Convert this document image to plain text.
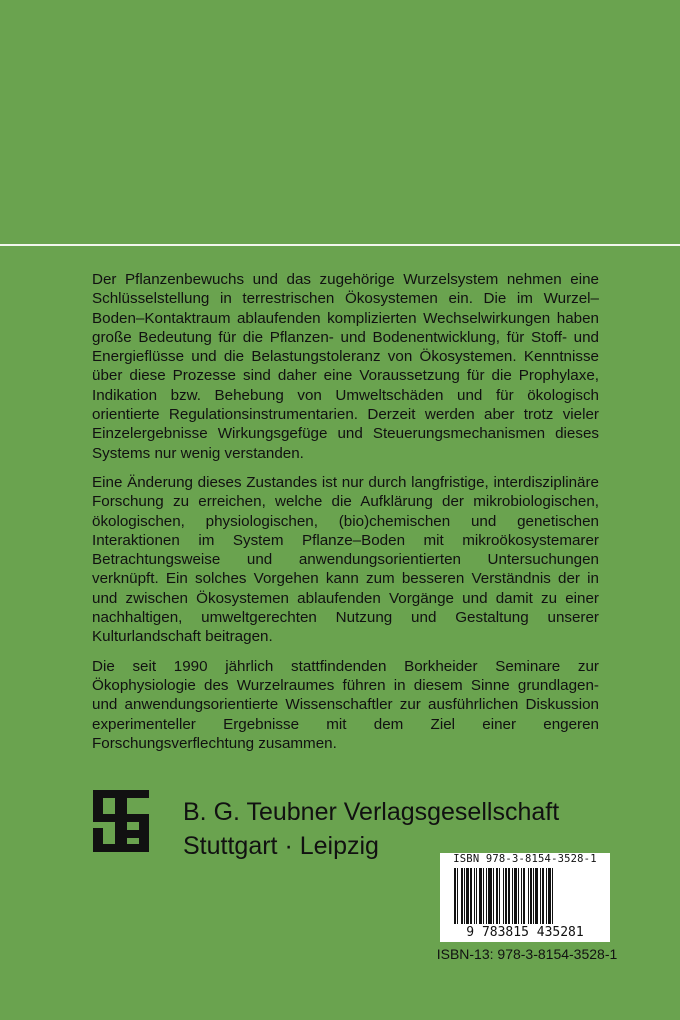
Der Pflanzenbewuchs und das zugehörige Wurzelsystem nehmen eine Schlüsselstellung in terrestrischen Ökosystemen ein. Die im Wurzel–Boden–Kontaktraum ablaufenden komplizierten Wechselwirkungen haben große Bedeutung für die Pflanzen- und Bodenentwicklung, für Stoff- und Energieflüsse und die Belastungstoleranz von Ökosystemen. Kenntnisse über diese Prozesse sind daher eine Voraussetzung für die Prophylaxe, Indikation bzw. Behebung von Umweltschäden und für ökologisch orientierte Regulationsinstrumentarien. Derzeit werden aber trotz vieler Einzelergebnisse Wirkungsgefüge und Steuerungsmechanismen dieses Systems nur wenig verstanden.

Eine Änderung dieses Zustandes ist nur durch langfristige, interdisziplinäre Forschung zu erreichen, welche die Aufklärung der mikrobiologischen, ökologischen, physiologischen, (bio)chemischen und genetischen Interaktionen im System Pflanze–Boden mit mikroökosystemarer Betrachtungsweise und anwendungsorientierten Untersuchungen verknüpft. Ein solches Vorgehen kann zum besseren Verständnis der in und zwischen Ökosystemen ablaufenden Vorgänge und damit zu einer nachhaltigen, umweltgerechten Nutzung und Gestaltung unserer Kulturlandschaft beitragen.

Die seit 1990 jährlich stattfindenden Borkheider Seminare zur Ökophysiologie des Wurzelraumes führen in diesem Sinne grundlagen- und anwendungsorientierte Wissenschaftler zur ausführlichen Diskussion experimenteller Ergebnisse mit dem Ziel einer engeren Forschungsverflechtung zusammen.

B. G. Teubner Verlagsgesellschaft
Stuttgart · Leipzig	ISBN 978-3-8154-3528-1
9 783815 435281
ISBN-13: 978-3-8154-3528-1
